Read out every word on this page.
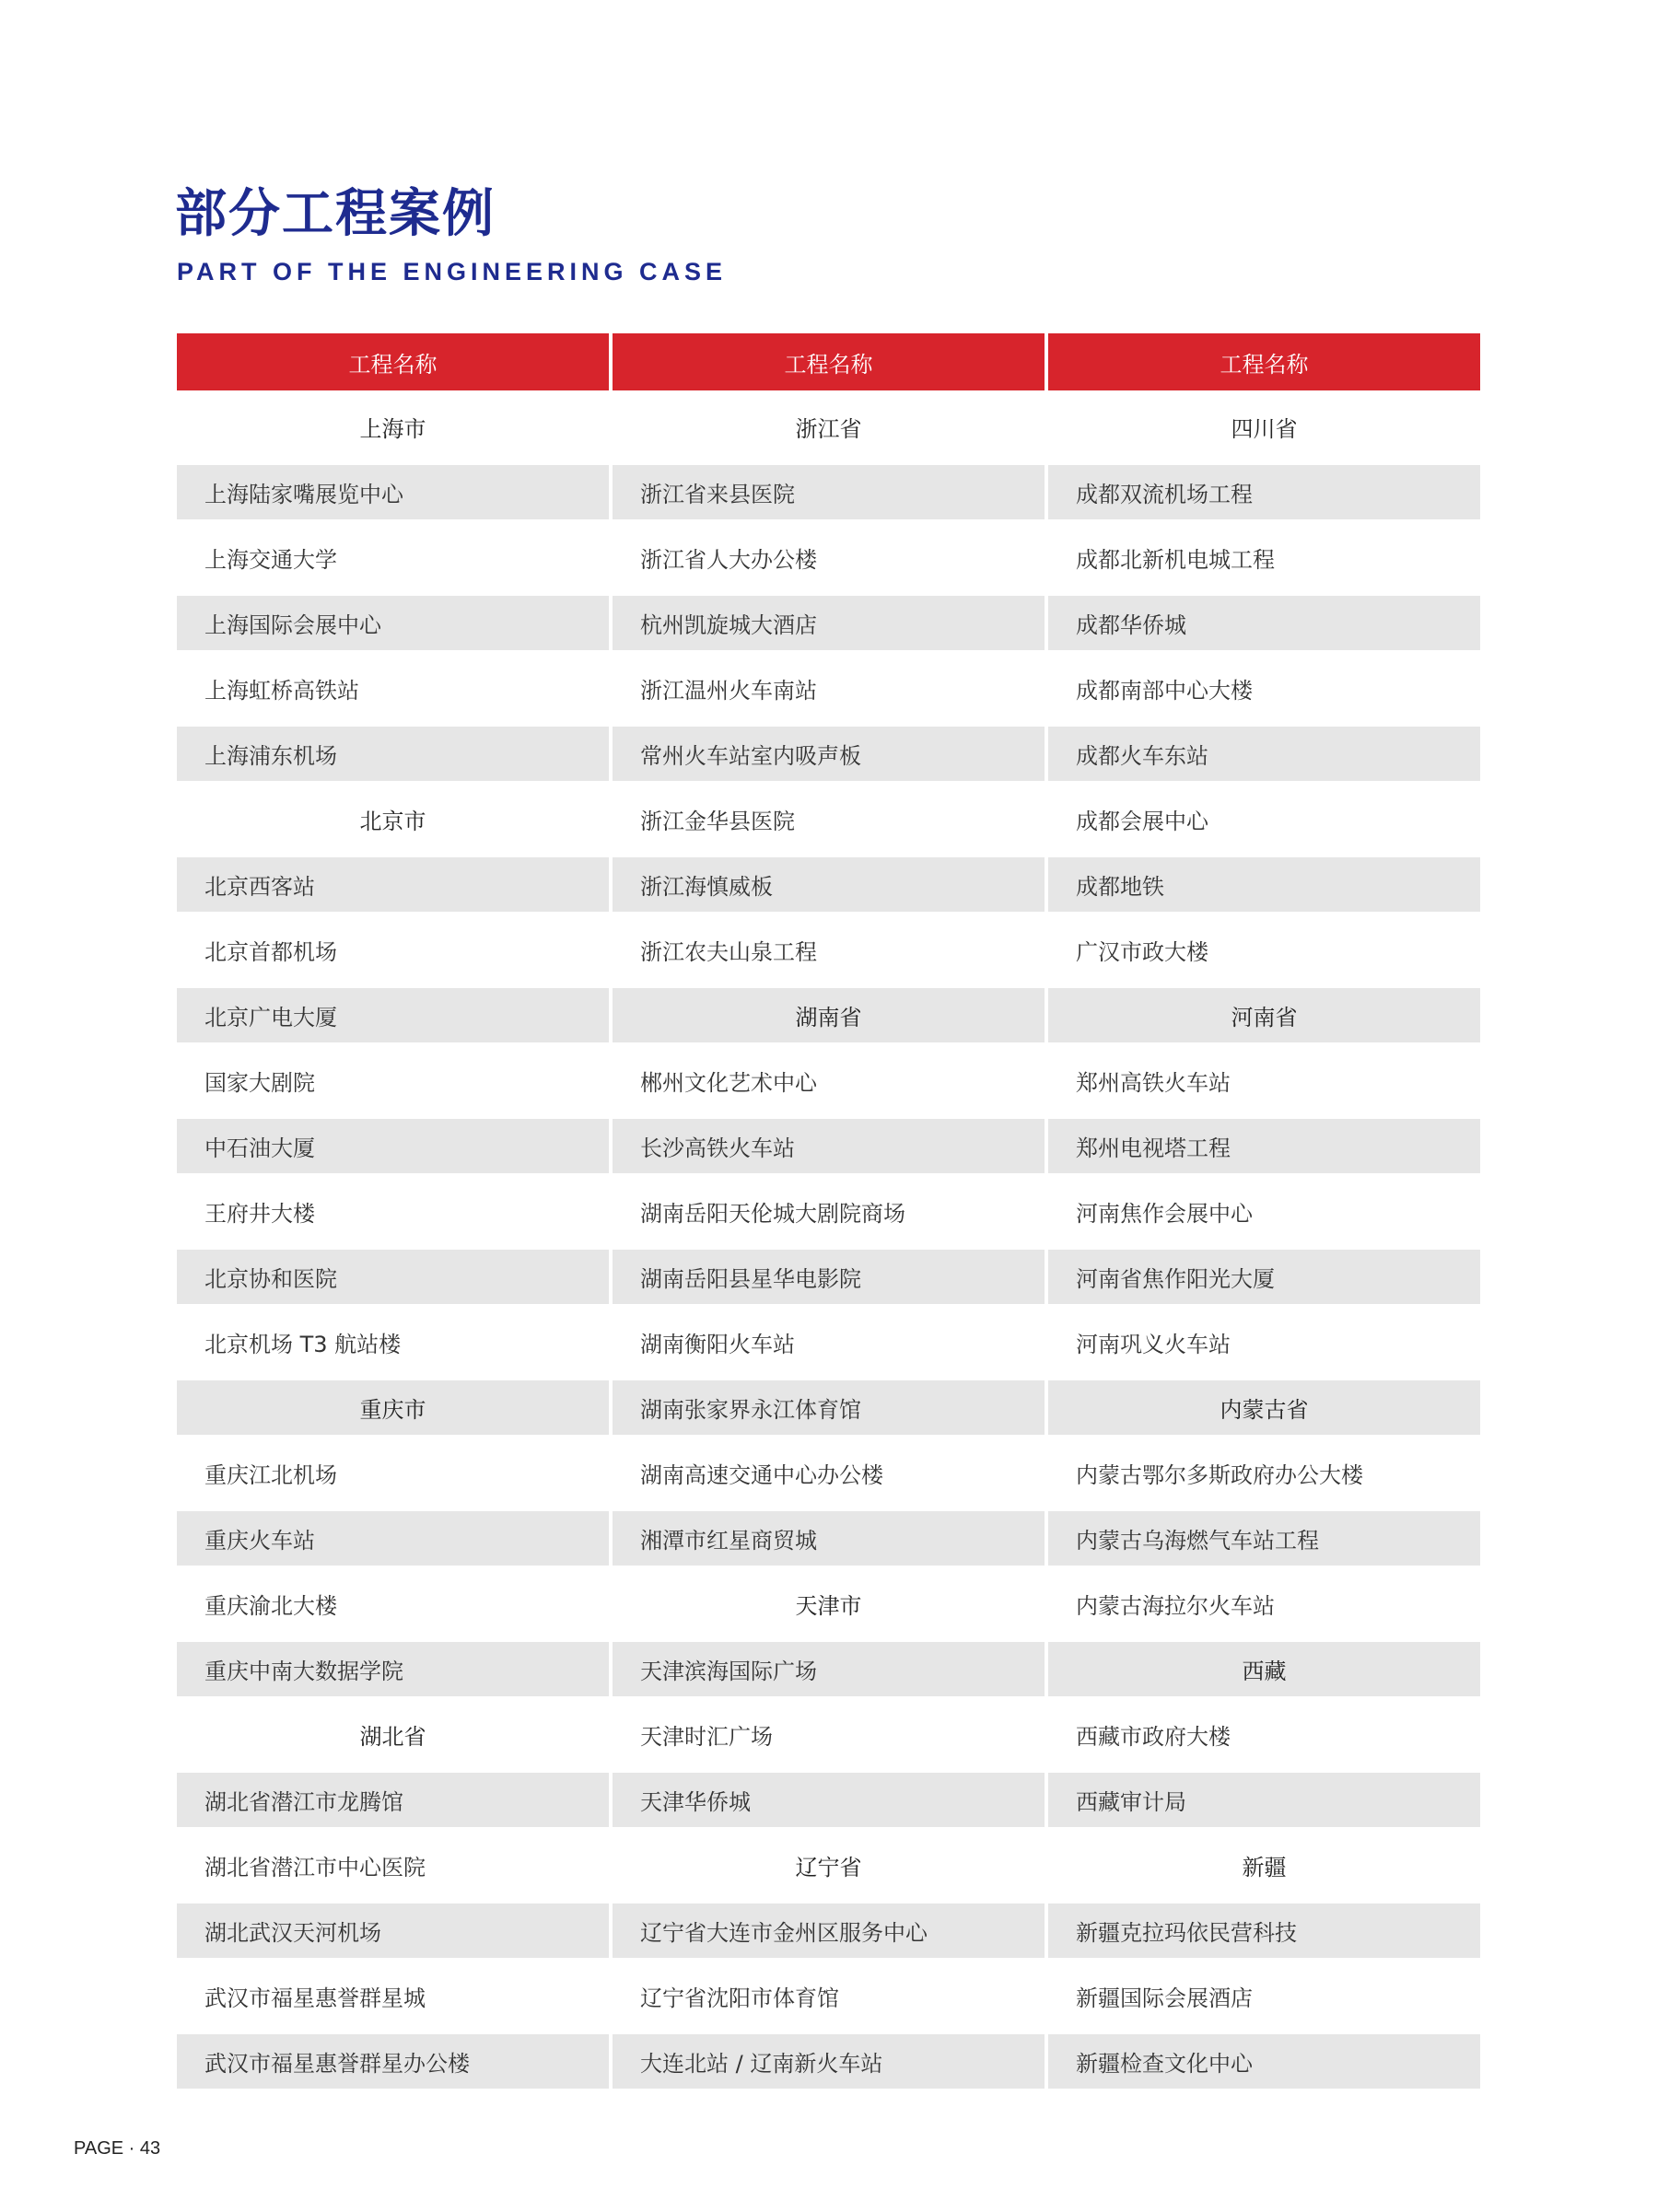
部分工程案例
PART OF THE ENGINEERING CASE
工程名称	工程名称	工程名称
上海市	浙江省	四川省
上海陆家嘴展览中心	浙江省来县医院	成都双流机场工程
上海交通大学	浙江省人大办公楼	成都北新机电城工程
上海国际会展中心	杭州凯旋城大酒店	成都华侨城
上海虹桥高铁站	浙江温州火车南站	成都南部中心大楼
上海浦东机场	常州火车站室内吸声板	成都火车东站
北京市	浙江金华县医院	成都会展中心
北京西客站	浙江海慎威板	成都地铁
北京首都机场	浙江农夫山泉工程	广汉市政大楼
北京广电大厦	湖南省	河南省
国家大剧院	郴州文化艺术中心	郑州高铁火车站
中石油大厦	长沙高铁火车站	郑州电视塔工程
王府井大楼	湖南岳阳天伦城大剧院商场	河南焦作会展中心
北京协和医院	湖南岳阳县星华电影院	河南省焦作阳光大厦
北京机场 T3 航站楼	湖南衡阳火车站	河南巩义火车站
重庆市	湖南张家界永江体育馆	内蒙古省
重庆江北机场	湖南高速交通中心办公楼	内蒙古鄂尔多斯政府办公大楼
重庆火车站	湘潭市红星商贸城	内蒙古乌海燃气车站工程
重庆渝北大楼	天津市	内蒙古海拉尔火车站
重庆中南大数据学院	天津滨海国际广场	西藏
湖北省	天津时汇广场	西藏市政府大楼
湖北省潜江市龙腾馆	天津华侨城	西藏审计局
湖北省潜江市中心医院	辽宁省	新疆
湖北武汉天河机场	辽宁省大连市金州区服务中心	新疆克拉玛依民营科技
武汉市福星惠誉群星城	辽宁省沈阳市体育馆	新疆国际会展酒店
武汉市福星惠誉群星办公楼	大连北站 / 辽南新火车站	新疆检查文化中心
PAGE · 43
